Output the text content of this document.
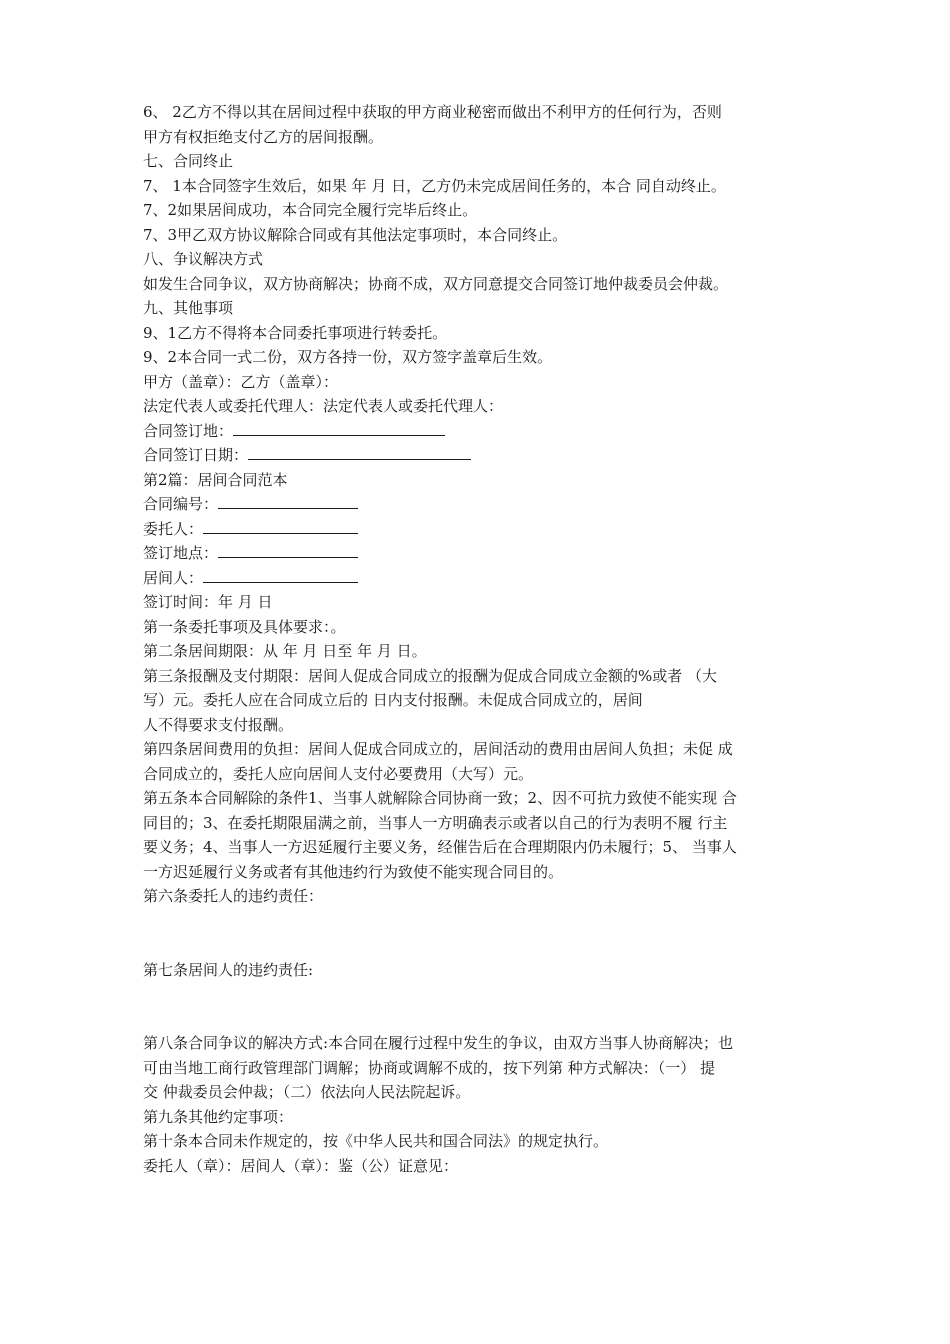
6、 2乙方不得以其在居间过程中获取的甲方商业秘密而做出不利甲方的任何行为，否则
甲方有权拒绝支付乙方的居间报酬。
七、合同终止
7、 1本合同签字生效后，如果 年 月 日，乙方仍未完成居间任务的，本合 同自动终止。
7、2如果居间成功，本合同完全履行完毕后终止。
7、3甲乙双方协议解除合同或有其他法定事项时，本合同终止。
八、争议解决方式
如发生合同争议，双方协商解决；协商不成，双方同意提交合同签订地仲裁委员会仲裁。
九、其他事项
9、1乙方不得将本合同委托事项进行转委托。
9、2本合同一式二份，双方各持一份，双方签字盖章后生效。
甲方（盖章）：乙方（盖章）：
法定代表人或委托代理人：法定代表人或委托代理人：
合同签订地：
合同签订日期：
第2篇：居间合同范本
合同编号：
委托人：
签订地点：
居间人：
签订时间：年 月 日
第一条委托事项及具体要求：。
第二条居间期限：从 年 月 日至 年 月 日。
第三条报酬及支付期限：居间人促成合同成立的报酬为促成合同成立金额的%或者 （大
写）元。委托人应在合同成立后的 日内支付报酬。未促成合同成立的，居间
人不得要求支付报酬。
第四条居间费用的负担：居间人促成合同成立的，居间活动的费用由居间人负担；未促 成
合同成立的，委托人应向居间人支付必要费用（大写）元。
第五条本合同解除的条件1、当事人就解除合同协商一致；2、因不可抗力致使不能实现 合
同目的；3、在委托期限届满之前，当事人一方明确表示或者以自己的行为表明不履 行主
要义务；4、当事人一方迟延履行主要义务，经催告后在合理期限内仍未履行；5、 当事人
一方迟延履行义务或者有其他违约行为致使不能实现合同目的。
第六条委托人的违约责任：
第七条居间人的违约责任:
第八条合同争议的解决方式:本合同在履行过程中发生的争议，由双方当事人协商解决；也
可由当地工商行政管理部门调解；协商或调解不成的，按下列第 种方式解决：（一） 提
交 仲裁委员会仲裁；（二）依法向人民法院起诉。
第九条其他约定事项：
第十条本合同未作规定的，按《中华人民共和国合同法》的规定执行。
委托人（章）：居间人（章）：鉴（公）证意见：
